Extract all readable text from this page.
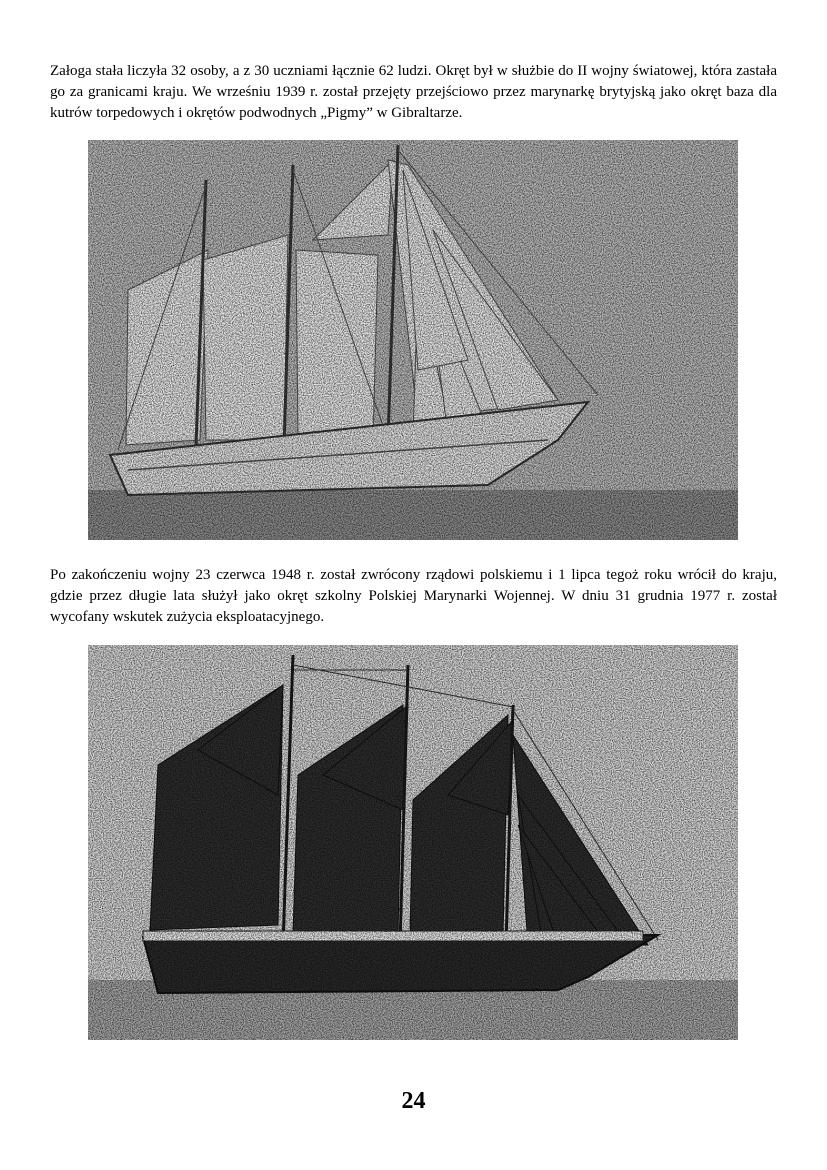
Załoga stała liczyła 32 osoby, a z 30 uczniami łącznie 62 ludzi. Okręt był w służbie do II wojny światowej, która zastała go za granicami kraju. We wrześniu 1939 r. został przejęty przejściowo przez marynarkę brytyjską jako okręt baza dla kutrów torpedowych i okrętów podwodnych „Pigmy” w Gibraltarze.

Po zakończeniu wojny 23 czerwca 1948 r. został zwrócony rządowi polskiemu i 1 lipca tegoż roku wrócił do kraju, gdzie przez długie lata służył jako okręt szkolny Polskiej Marynarki Wojennej. W dniu 31 grudnia 1977 r. został wycofany wskutek zużycia eksploatacyjnego.

24
